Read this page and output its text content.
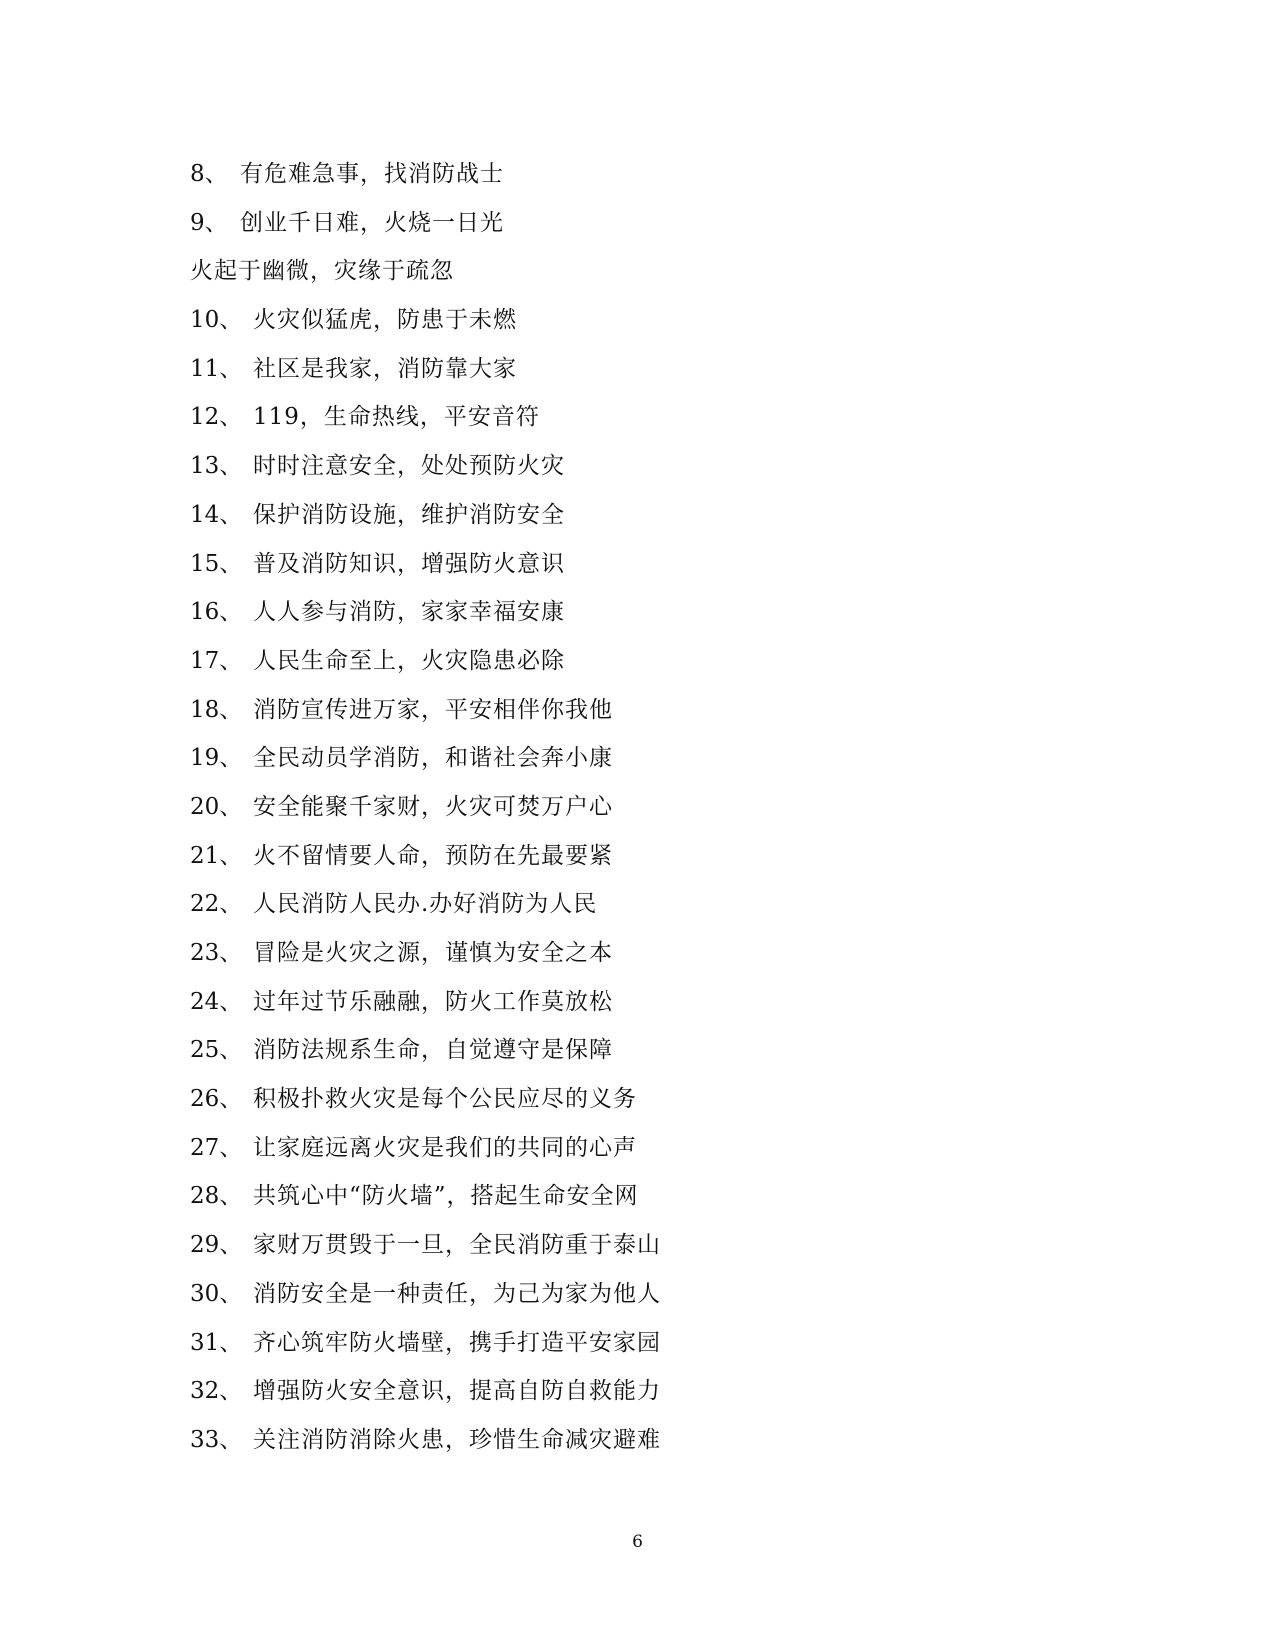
8、 有危难急事，找消防战士
9、 创业千日难，火烧一日光
火起于幽微，灾缘于疏忽
10、 火灾似猛虎，防患于未燃
11、 社区是我家，消防靠大家
12、 119，生命热线，平安音符
13、 时时注意安全，处处预防火灾
14、 保护消防设施，维护消防安全
15、 普及消防知识，增强防火意识
16、 人人参与消防，家家幸福安康
17、 人民生命至上，火灾隐患必除
18、 消防宣传进万家，平安相伴你我他
19、 全民动员学消防，和谐社会奔小康
20、 安全能聚千家财，火灾可焚万户心
21、 火不留情要人命，预防在先最要紧
22、 人民消防人民办.办好消防为人民
23、 冒险是火灾之源，谨慎为安全之本
24、 过年过节乐融融，防火工作莫放松
25、 消防法规系生命，自觉遵守是保障
26、 积极扑救火灾是每个公民应尽的义务
27、 让家庭远离火灾是我们的共同的心声
28、 共筑心中“防火墙”，搭起生命安全网
29、 家财万贯毁于一旦，全民消防重于泰山
30、 消防安全是一种责任，为己为家为他人
31、 齐心筑牢防火墙壁，携手打造平安家园
32、 增强防火安全意识，提高自防自救能力
33、 关注消防消除火患，珍惜生命减灾避难
6
